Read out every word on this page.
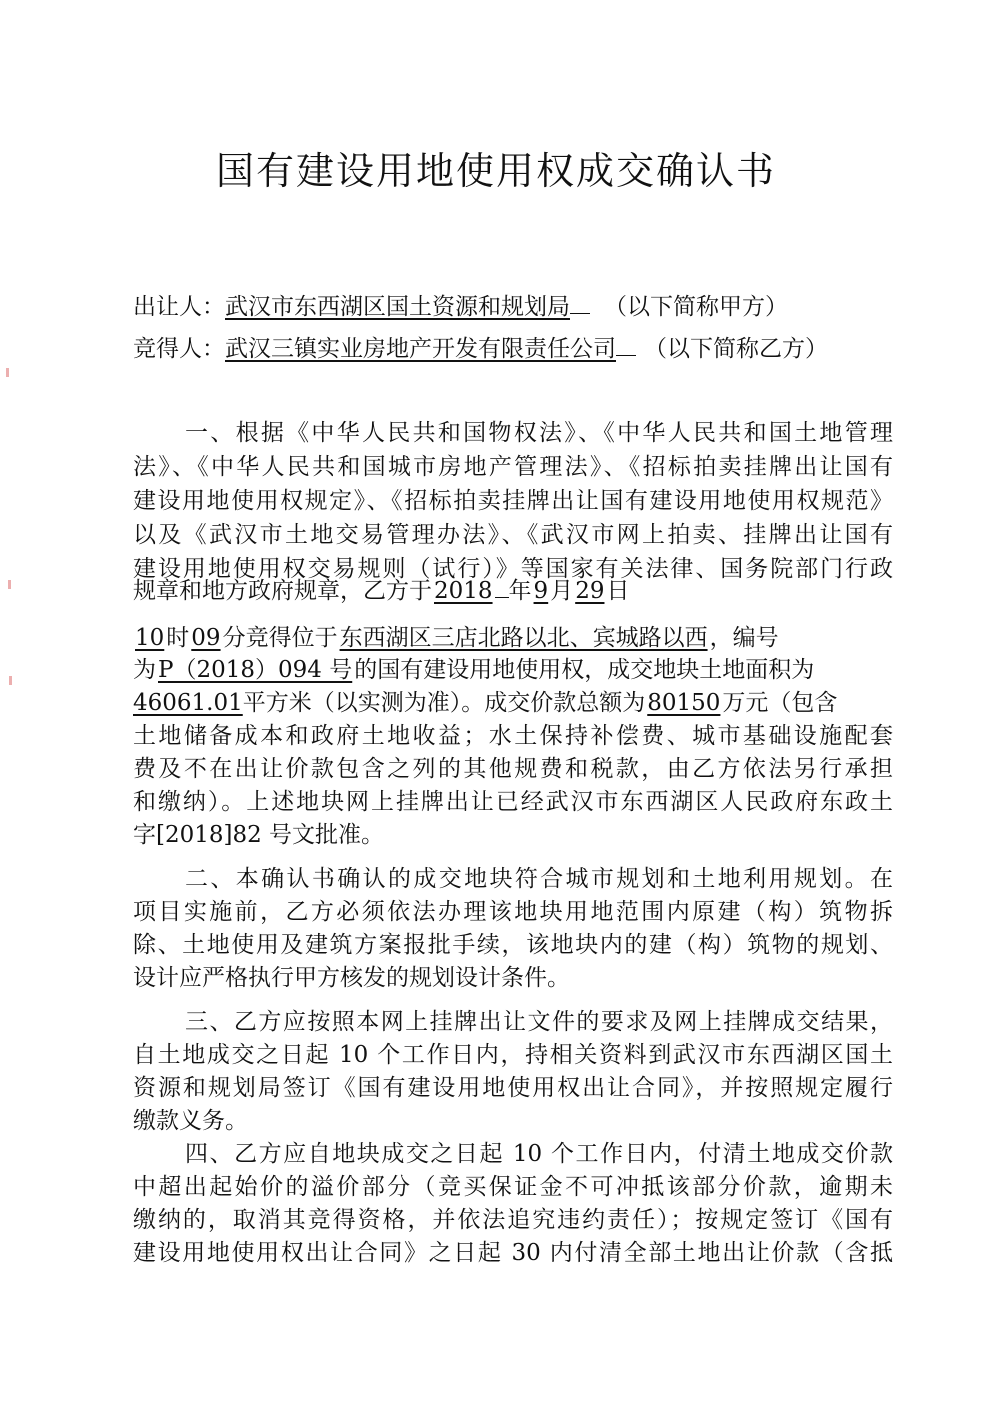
国有建设用地使用权成交确认书
出让人：武汉市东西湖区国土资源和规划局 （以下简称甲方）
竞得人：武汉三镇实业房地产开发有限责任公司 （以下简称乙方）
一、根据《中华人民共和国物权法》、《中华人民共和国土地管理
法》、《中华人民共和国城市房地产管理法》、《招标拍卖挂牌出让国有
建设用地使用权规定》、《招标拍卖挂牌出让国有建设用地使用权规范》
以及《武汉市土地交易管理办法》、《武汉市网上拍卖、挂牌出让国有
建设用地使用权交易规则（试行）》等国家有关法律、国务院部门行政
规章和地方政府规章，乙方于2018 年9月29日
10时09分竞得位于东西湖区三店北路以北、宾城路以西，编号
为P（2018）094 号的国有建设用地使用权，成交地块土地面积为
46061.01平方米（以实测为准）。成交价款总额为80150万元（包含
土地储备成本和政府土地收益；水土保持补偿费、城市基础设施配套
费及不在出让价款包含之列的其他规费和税款，由乙方依法另行承担
和缴纳）。上述地块网上挂牌出让已经武汉市东西湖区人民政府东政土
字[2018]82 号文批准。
二、本确认书确认的成交地块符合城市规划和土地利用规划。在
项目实施前，乙方必须依法办理该地块用地范围内原建（构）筑物拆
除、土地使用及建筑方案报批手续，该地块内的建（构）筑物的规划、
设计应严格执行甲方核发的规划设计条件。
三、乙方应按照本网上挂牌出让文件的要求及网上挂牌成交结果，
自土地成交之日起 10 个工作日内，持相关资料到武汉市东西湖区国土
资源和规划局签订《国有建设用地使用权出让合同》，并按照规定履行
缴款义务。
四、乙方应自地块成交之日起 10 个工作日内，付清土地成交价款
中超出起始价的溢价部分（竞买保证金不可冲抵该部分价款，逾期未
缴纳的，取消其竞得资格，并依法追究违约责任）；按规定签订《国有
建设用地使用权出让合同》之日起 30 内付清全部土地出让价款（含抵
